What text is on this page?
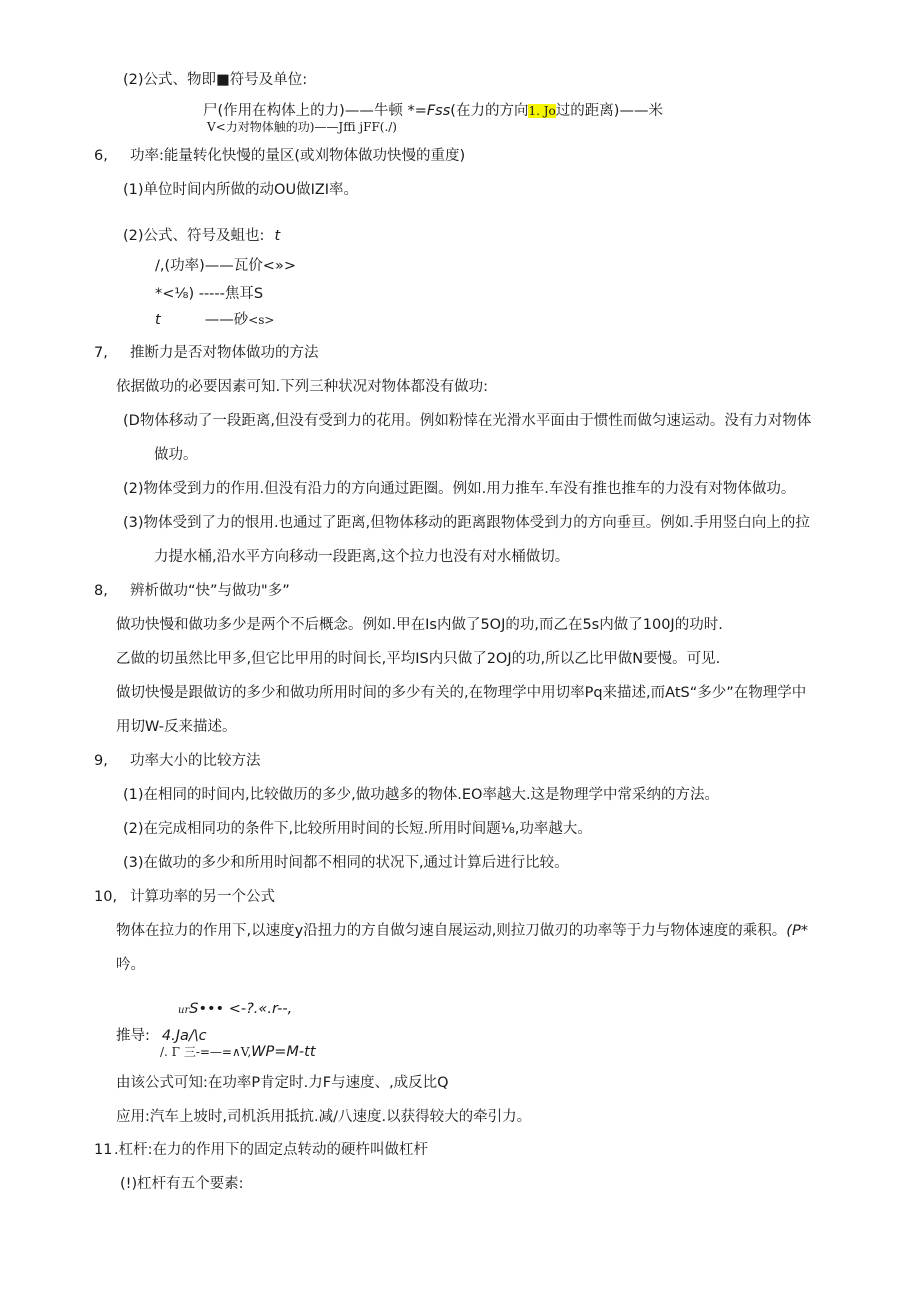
(2)公式、物即■符号及单位:
尸(作用在构体上的力)——牛顿 *=Fss(在力的方向1. Jo过的距离)——米
V<力对物体触的功)——Jffi jFF(./)
6, 功率:能量转化快慢的量区(或刈物体做功快慢的重度)
(1)单位时间内所做的动OU做IZI率。
(2)公式、符号及蛆也: t
/,(功率)——瓦价<»>
*<⅛) -----焦耳S
t	——砂<s>
7, 推断力是否对物体做功的方法
依据做功的必要因素可知.下列三种状况对物体都没有做功:
(D物体移动了一段距离,但没有受到力的花用。例如粉悻在光滑水平面由于惯性而做匀速运动。没有力对物体
做功。
(2)物体受到力的作用.但没有沿力的方向通过距圈。例如.用力推车.车没有推也推车的力没有对物体做功。
(3)物体受到了力的恨用.也通过了距离,但物体移动的距离跟物体受到力的方向垂亘。例如.手用竖白向上的拉
力提水桶,沿水平方向移动一段距离,这个拉力也没有对水桶做切。
8, 辨析做功“快”与做功"多”
做功快慢和做功多少是两个不后概念。例如.甲在Is内做了5OJ的功,而乙在5s内做了100J的功时.
乙做的切虽然比甲多,但它比甲用的时间长,平均IS内只做了2OJ的功,所以乙比甲做N要慢。可见.
做切快慢是跟做访的多少和做功所用时间的多少有关的,在物理学中用切率Pq来描述,而AtS“多少”在物理学中
用切W-反来描述。
9, 功率大小的比较方法
(1)在相同的时间内,比较做历的多少,做功越多的物体.EO率越大.这是物理学中常采纳的方法。
(2)在完成相同功的条件下,比较所用时间的长短.所用时间题⅛,功率越大。
(3)在做功的多少和所用时间都不相同的状况下,通过计算后进行比较。
10, 计算功率的另一个公式
物体在拉力的作用下,以速度y沿扭力的方自做匀速自展运动,则拉刀做刃的功率等于力与物体速度的乘积。(P*
吟。
urS••• <-?.«.r--,
推导: 4.Ja∕\c
/. Γ 三-=—=∧V,WP=M-tt
由该公式可知:在功率P肯定时.力F与速度、,成反比Q
应用:汽车上坡时,司机浜用抵抗.减/八速度.以获得较大的牵引力。
11 .杠杆:在力的作用下的固定点转动的硬杵叫做杠杆
(!)杠杆有五个要素:
